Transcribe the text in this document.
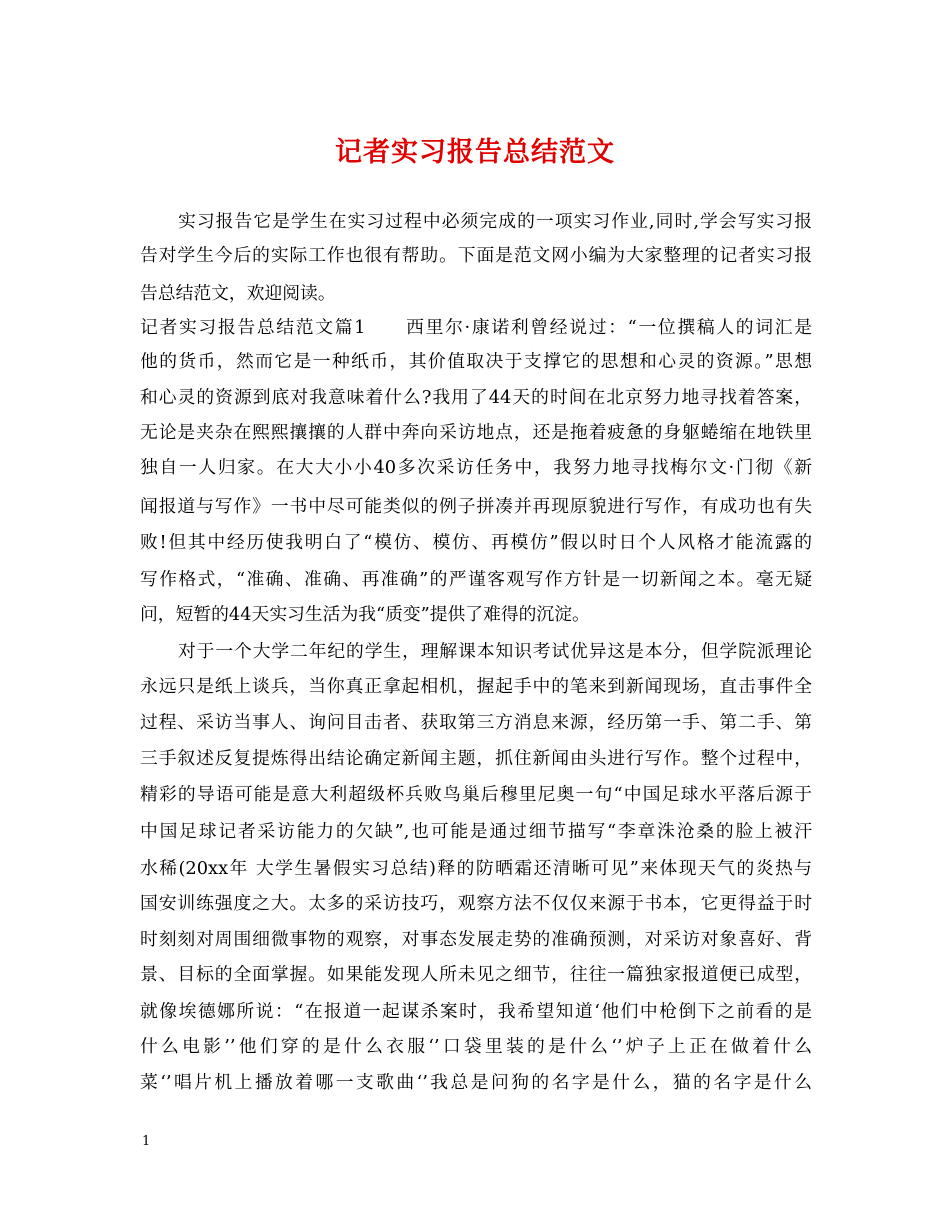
记者实习报告总结范文
实习报告它是学生在实习过程中必须完成的一项实习作业,同时,学会写实习报
告对学生今后的实际工作也很有帮助。下面是范文网小编为大家整理的记者实习报
告总结范文，欢迎阅读。
记者实习报告总结范文篇1　　西里尔·康诺利曾经说过：“一位撰稿人的词汇是
他的货币，然而它是一种纸币，其价值取决于支撑它的思想和心灵的资源。”思想
和心灵的资源到底对我意味着什么?我用了44天的时间在北京努力地寻找着答案，
无论是夹杂在熙熙攘攘的人群中奔向采访地点，还是拖着疲惫的身躯蜷缩在地铁里
独自一人归家。在大大小小40多次采访任务中，我努力地寻找梅尔文·门彻《新
闻报道与写作》一书中尽可能类似的例子拼凑并再现原貌进行写作，有成功也有失
败!但其中经历使我明白了“模仿、模仿、再模仿”假以时日个人风格才能流露的
写作格式，“准确、准确、再准确”的严谨客观写作方针是一切新闻之本。毫无疑
问，短暂的44天实习生活为我“质变”提供了难得的沉淀。
对于一个大学二年纪的学生，理解课本知识考试优异这是本分，但学院派理论
永远只是纸上谈兵，当你真正拿起相机，握起手中的笔来到新闻现场，直击事件全
过程、采访当事人、询问目击者、获取第三方消息来源，经历第一手、第二手、第
三手叙述反复提炼得出结论确定新闻主题，抓住新闻由头进行写作。整个过程中，
精彩的导语可能是意大利超级杯兵败鸟巢后穆里尼奥一句“中国足球水平落后源于
中国足球记者采访能力的欠缺”,也可能是通过细节描写“李章洙沧桑的脸上被汗
水稀(20xx年 大学生暑假实习总结)释的防晒霜还清晰可见”来体现天气的炎热与
国安训练强度之大。太多的采访技巧，观察方法不仅仅来源于书本，它更得益于时
时刻刻对周围细微事物的观察，对事态发展走势的准确预测，对采访对象喜好、背
景、目标的全面掌握。如果能发现人所未见之细节，往往一篇独家报道便已成型，
就像埃德娜所说：“在报道一起谋杀案时，我希望知道‘他们中枪倒下之前看的是
什么电影’’他们穿的是什么衣服‘’口袋里装的是什么‘’炉子上正在做着什么
菜‘’唱片机上播放着哪一支歌曲‘’我总是问狗的名字是什么，猫的名字是什么
1
